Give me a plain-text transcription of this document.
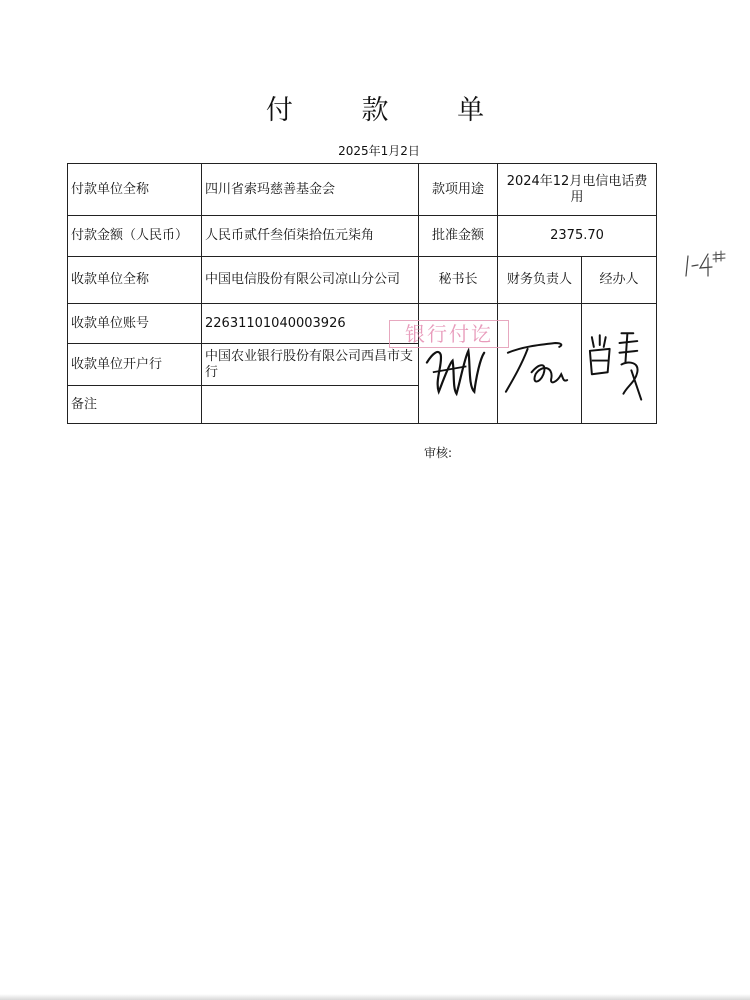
付 款 单
2025年1月2日
付款单位全称	四川省索玛慈善基金会	款项用途	2024年12月电信电话费用	
付款金额（人民币）	人民币贰仟叁佰柒拾伍元柒角	批准金额	2375.70	
收款单位全称	中国电信股份有限公司凉山分公司	秘书长	财务负责人	经办人
收款单位账号	22631101040003926	

收款单位开户行	中国农业银行股份有限公司西昌市支行			
备注				
银行付讫
审核:
